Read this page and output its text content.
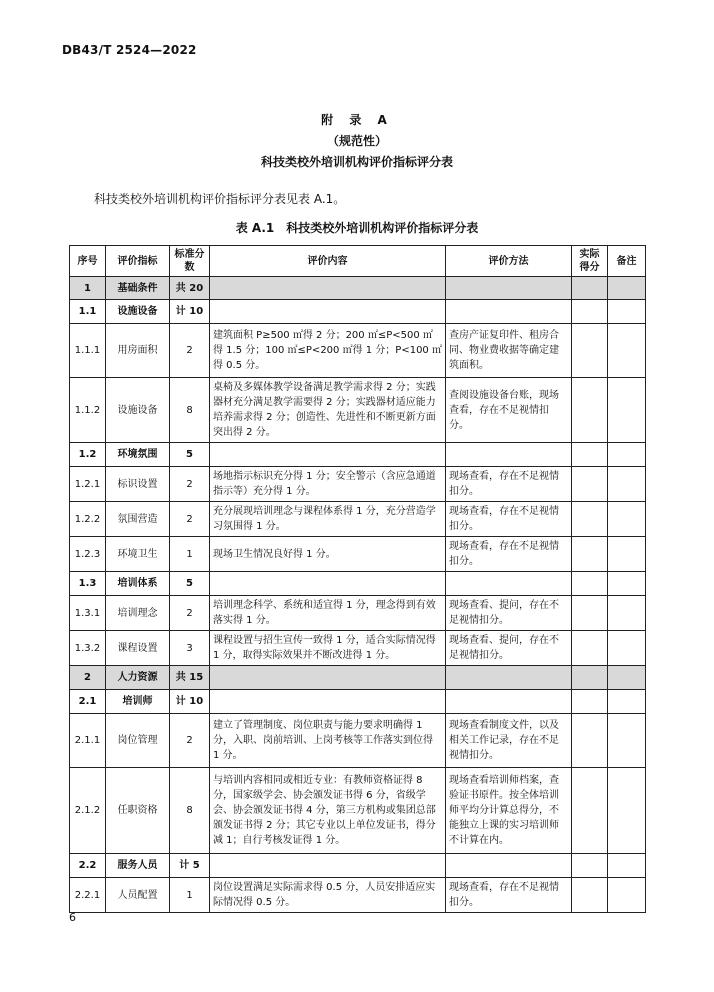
DB43/T 2524—2022
附 录 A
（规范性）
科技类校外培训机构评价指标评分表
科技类校外培训机构评价指标评分表见表 A.1。
表 A.1　科技类校外培训机构评价指标评分表
序号	评价指标	标准分数	评价内容	评价方法	实际得分	备注
1	基础条件	共 20				
1.1	设施设备	计 10				
1.1.1	用房面积	2	建筑面积 P≥500 ㎡得 2 分；200 ㎡≤P<500 ㎡得 1.5 分；100 ㎡≤P<200 ㎡得 1 分；P<100 ㎡得 0.5 分。	查房产证复印件、租房合同、物业费收据等确定建筑面积。		
1.1.2	设施设备	8	桌椅及多媒体教学设备满足教学需求得 2 分；实践器材充分满足教学需要得 2 分；实践器材适应能力培养需求得 2 分；创造性、先进性和不断更新方面突出得 2 分。	查阅设施设备台账，现场查看，存在不足视情扣分。		
1.2	环境氛围	5				
1.2.1	标识设置	2	场地指示标识充分得 1 分；安全警示（含应急通道指示等）充分得 1 分。	现场查看，存在不足视情扣分。		
1.2.2	氛围营造	2	充分展现培训理念与课程体系得 1 分，充分营造学习氛围得 1 分。	现场查看，存在不足视情扣分。		
1.2.3	环境卫生	1	现场卫生情况良好得 1 分。	现场查看，存在不足视情扣分。		
1.3	培训体系	5				
1.3.1	培训理念	2	培训理念科学、系统和适宜得 1 分，理念得到有效落实得 1 分。	现场查看、提问，存在不足视情扣分。		
1.3.2	课程设置	3	课程设置与招生宣传一致得 1 分，适合实际情况得 1 分，取得实际效果并不断改进得 1 分。	现场查看、提问，存在不足视情扣分。		
2	人力资源	共 15				
2.1	培训师	计 10				
2.1.1	岗位管理	2	建立了管理制度、岗位职责与能力要求明确得 1 分，入职、岗前培训、上岗考核等工作落实到位得 1 分。	现场查看制度文件，以及相关工作记录，存在不足视情扣分。		
2.1.2	任职资格	8	与培训内容相同或相近专业：有教师资格证得 8 分，国家级学会、协会颁发证书得 6 分，省级学会、协会颁发证书得 4 分，第三方机构或集团总部颁发证书得 2 分；其它专业以上单位发证书，得分减 1；自行考核发证得 1 分。	现场查看培训师档案，查验证书原件。按全体培训师平均分计算总得分，不能独立上课的实习培训师不计算在内。		
2.2	服务人员	计 5				
2.2.1	人员配置	1	岗位设置满足实际需求得 0.5 分，人员安排适应实际情况得 0.5 分。	现场查看，存在不足视情扣分。		
6
